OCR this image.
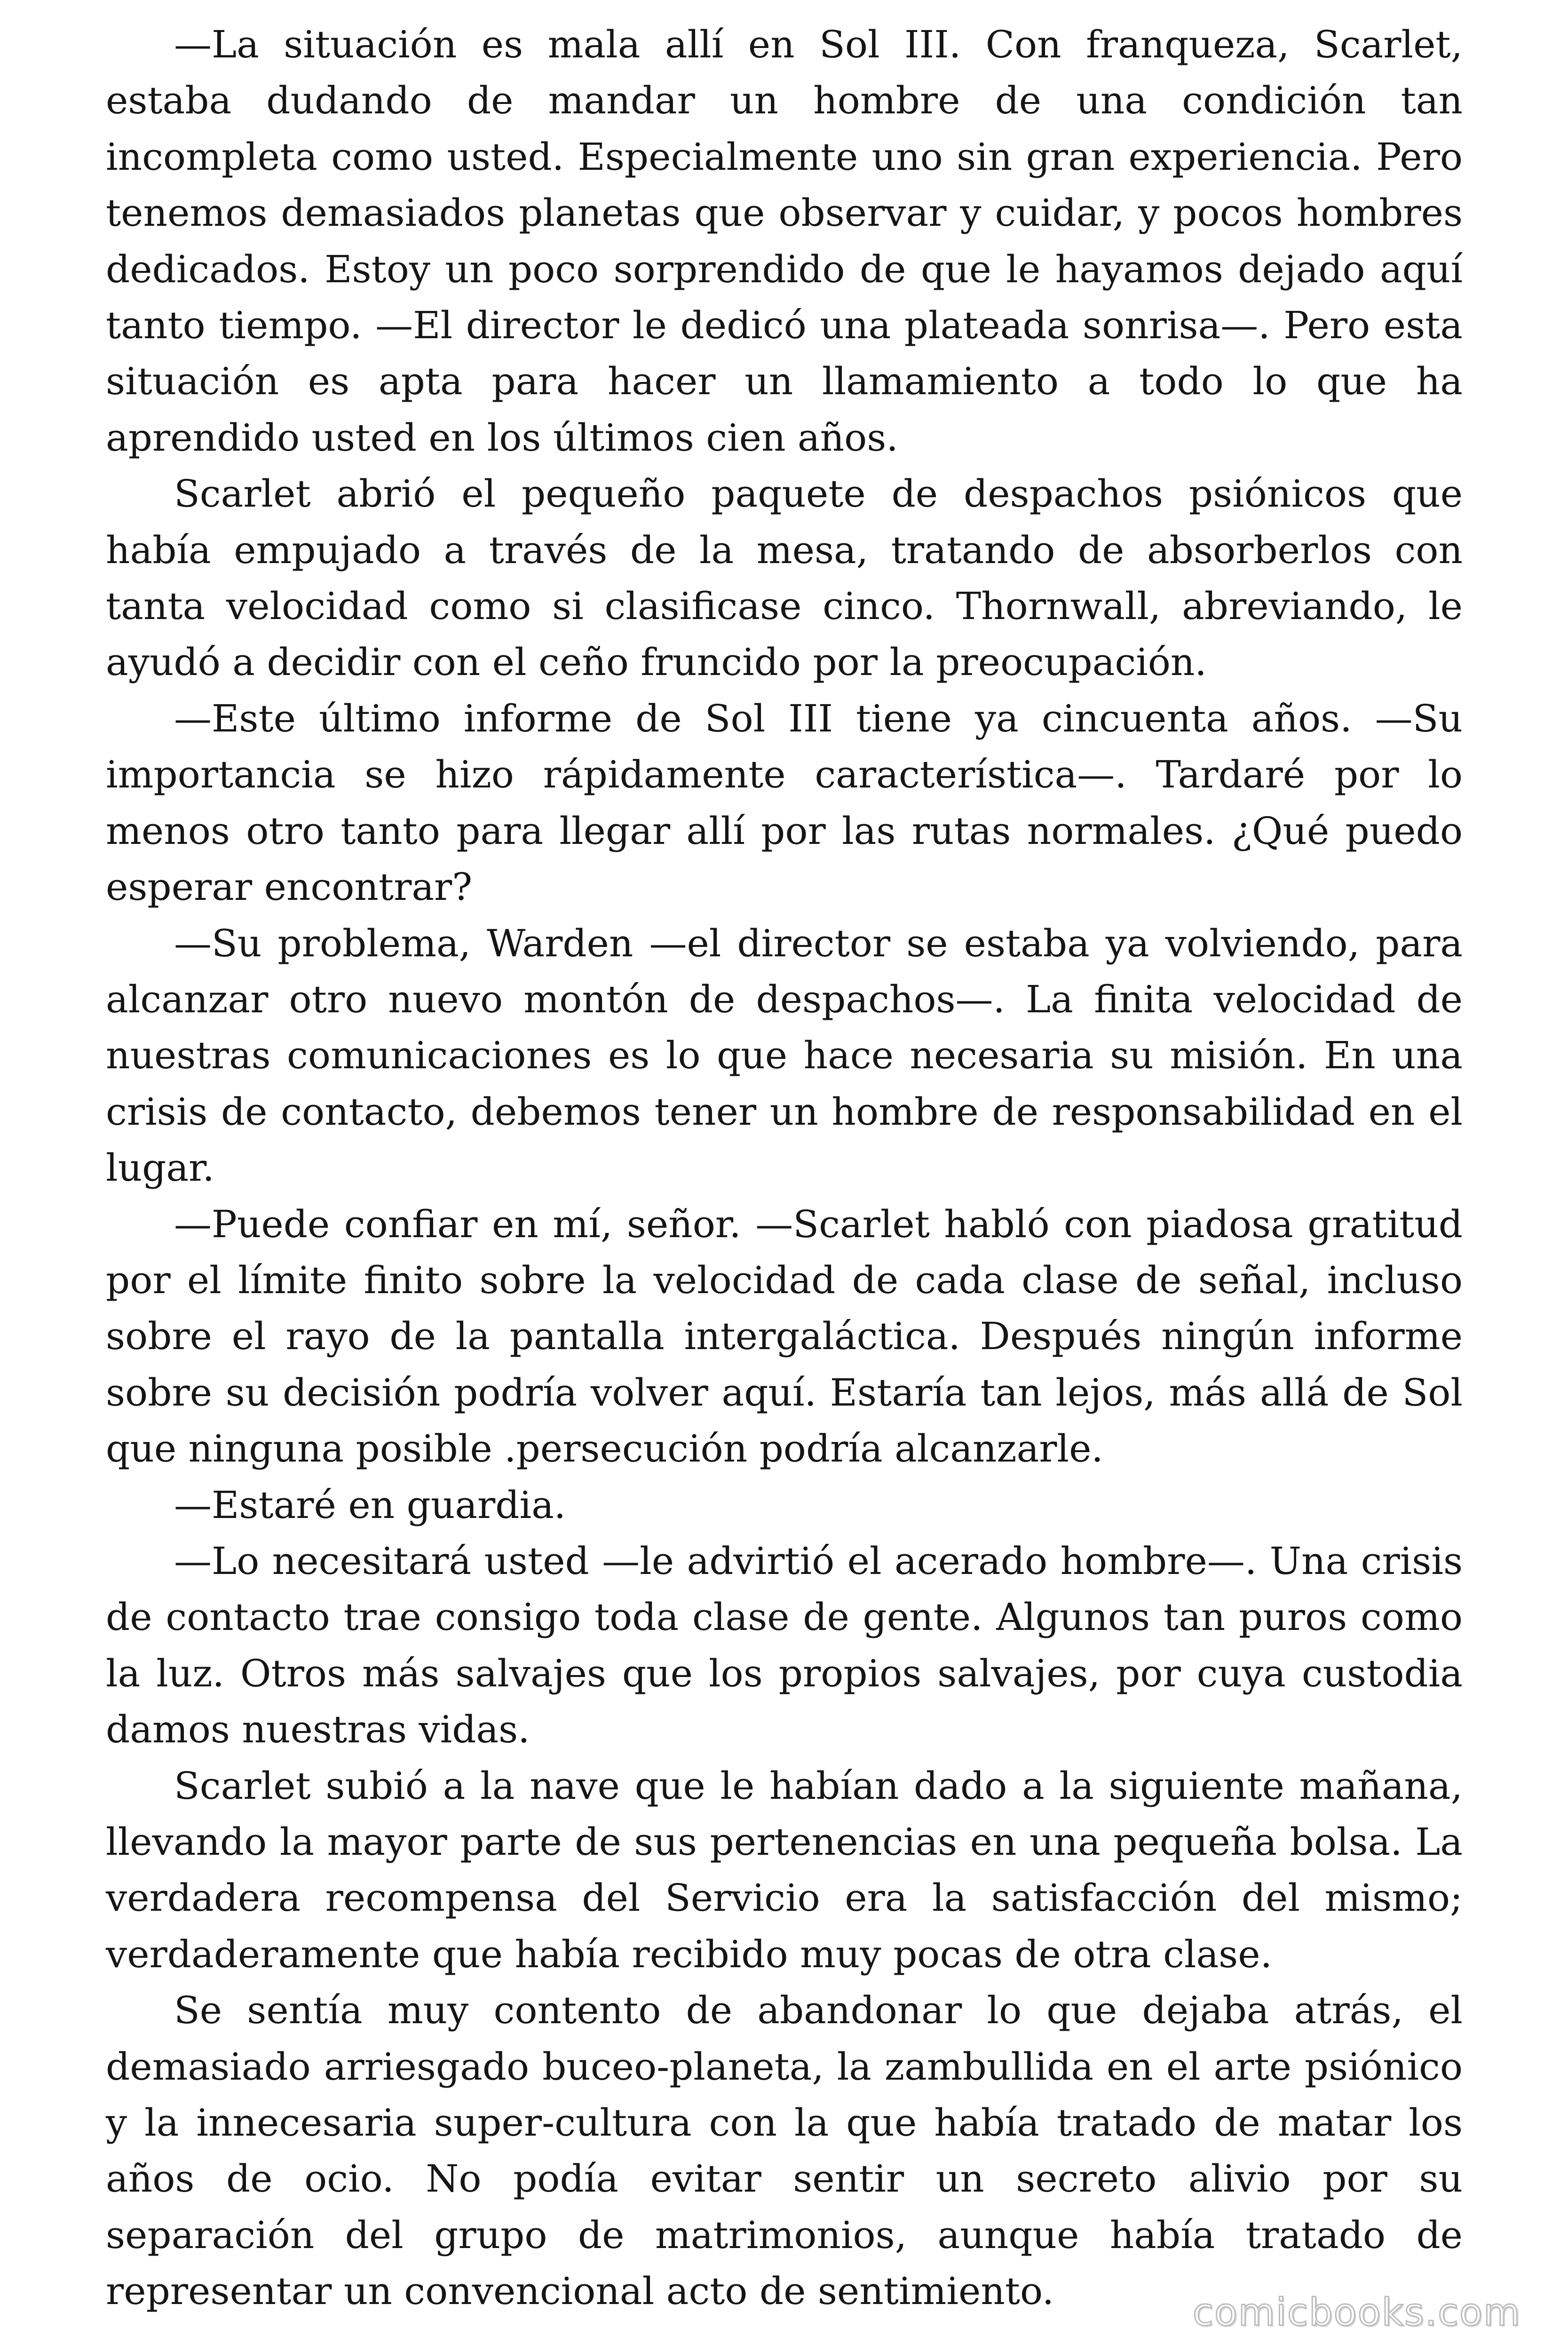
—La situación es mala allí en Sol III. Con franqueza, Scarlet, estaba dudando de mandar un hombre de una condición tan incompleta como usted. Especialmente uno sin gran experiencia. Pero tenemos demasiados planetas que observar y cuidar, y pocos hombres dedicados. Estoy un poco sorprendido de que le hayamos dejado aquí tanto tiempo. —El director le dedicó una plateada sonrisa—. Pero esta situación es apta para hacer un llamamiento a todo lo que ha aprendido usted en los últimos cien años.

Scarlet abrió el pequeño paquete de despachos psiónicos que había empujado a través de la mesa, tratando de absorberlos con tanta velocidad como si clasificase cinco. Thornwall, abreviando, le ayudó a decidir con el ceño fruncido por la preocupación.

—Este último informe de Sol III tiene ya cincuenta años. —Su importancia se hizo rápidamente característica—. Tardaré por lo menos otro tanto para llegar allí por las rutas normales. ¿Qué puedo esperar encontrar?

—Su problema, Warden —el director se estaba ya volviendo, para alcanzar otro nuevo montón de despachos—. La finita velocidad de nuestras comunicaciones es lo que hace necesaria su misión. En una crisis de contacto, debemos tener un hombre de responsabilidad en el lugar.

—Puede confiar en mí, señor. —Scarlet habló con piadosa gratitud por el límite finito sobre la velocidad de cada clase de señal, incluso sobre el rayo de la pantalla intergaláctica. Después ningún informe sobre su decisión podría volver aquí. Estaría tan lejos, más allá de Sol que ninguna posible .persecución podría alcanzarle.

—Estaré en guardia.

—Lo necesitará usted —le advirtió el acerado hombre—. Una crisis de contacto trae consigo toda clase de gente. Algunos tan puros como la luz. Otros más salvajes que los propios salvajes, por cuya custodia damos nuestras vidas.

Scarlet subió a la nave que le habían dado a la siguiente mañana, llevando la mayor parte de sus pertenencias en una pequeña bolsa. La verdadera recompensa del Servicio era la satisfacción del mismo; verdaderamente que había recibido muy pocas de otra clase.

Se sentía muy contento de abandonar lo que dejaba atrás, el demasiado arriesgado buceo-planeta, la zambullida en el arte psiónico y la innecesaria super-cultura con la que había tratado de matar los años de ocio. No podía evitar sentir un secreto alivio por su separación del grupo de matrimonios, aunque había tratado de representar un convencional acto de sentimiento.	comicbooks.com
